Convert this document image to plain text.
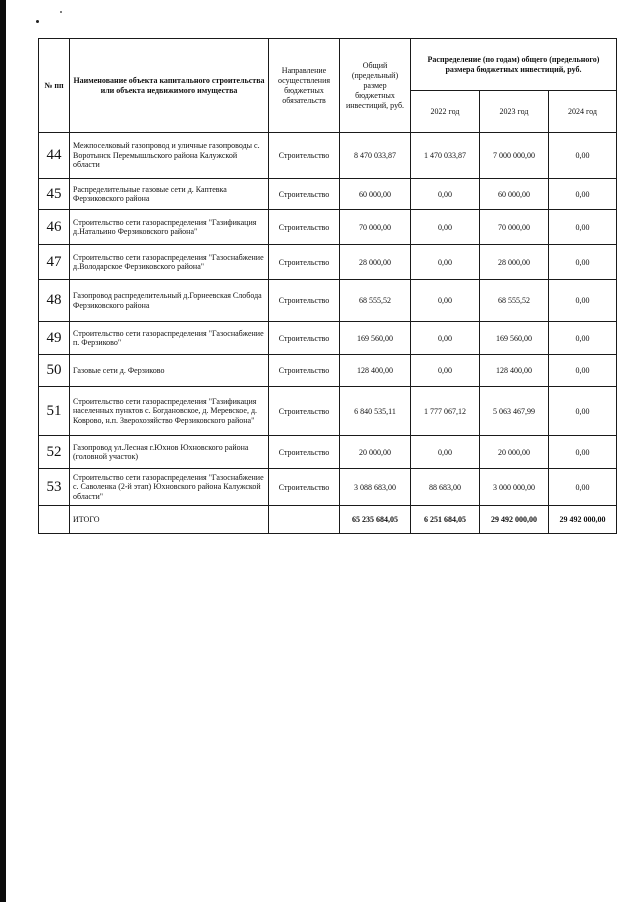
№ пп	Наименование объекта капитального строительства или объекта недвижимого имущества	Направление осуществления бюджетных обязательств	Общий (предельный) размер бюджетных инвестиций, руб.	Распределение (по годам) общего (предельного) размера бюджетных инвестиций, руб.		
				2022 год	2023 год	2024 год
44	Межпоселковый газопровод и уличные газопроводы с. Воротынск Перемышльского района Калужской области	Строительство	8 470 033,87	1 470 033,87	7 000 000,00	0,00
45	Распределительные газовые сети д. Каптевка Ферзиковского района	Строительство	60 000,00	0,00	60 000,00	0,00
46	Строительство сети газораспределения "Газификация д.Натальино Ферзиковского района"	Строительство	70 000,00	0,00	70 000,00	0,00
47	Строительство сети газораспределения "Газоснабжение д.Володарское Ферзиковского района"	Строительство	28 000,00	0,00	28 000,00	0,00
48	Газопровод распределительный д.Горнеевская Слобода Ферзиковского района	Строительство	68 555,52	0,00	68 555,52	0,00
49	Строительство сети газораспределения "Газоснабжение п. Ферзиково"	Строительство	169 560,00	0,00	169 560,00	0,00
50	Газовые сети д. Ферзиково	Строительство	128 400,00	0,00	128 400,00	0,00
51	Строительство сети газораспределения "Газификация населенных пунктов с. Богдановское, д. Меревское, д. Коврово, н.п. Зверохозяйство Ферзиковского района"	Строительство	6 840 535,11	1 777 067,12	5 063 467,99	0,00
52	Газопровод ул.Лесная г.Юхнов Юхновского района (головной участок)	Строительство	20 000,00	0,00	20 000,00	0,00
53	Строительство сети газораспределения "Газоснабжение с. Саволенка (2-й этап) Юхновского района Калужской области"	Строительство	3 088 683,00	88 683,00	3 000 000,00	0,00
	ИТОГО		65 235 684,05	6 251 684,05	29 492 000,00	29 492 000,00
